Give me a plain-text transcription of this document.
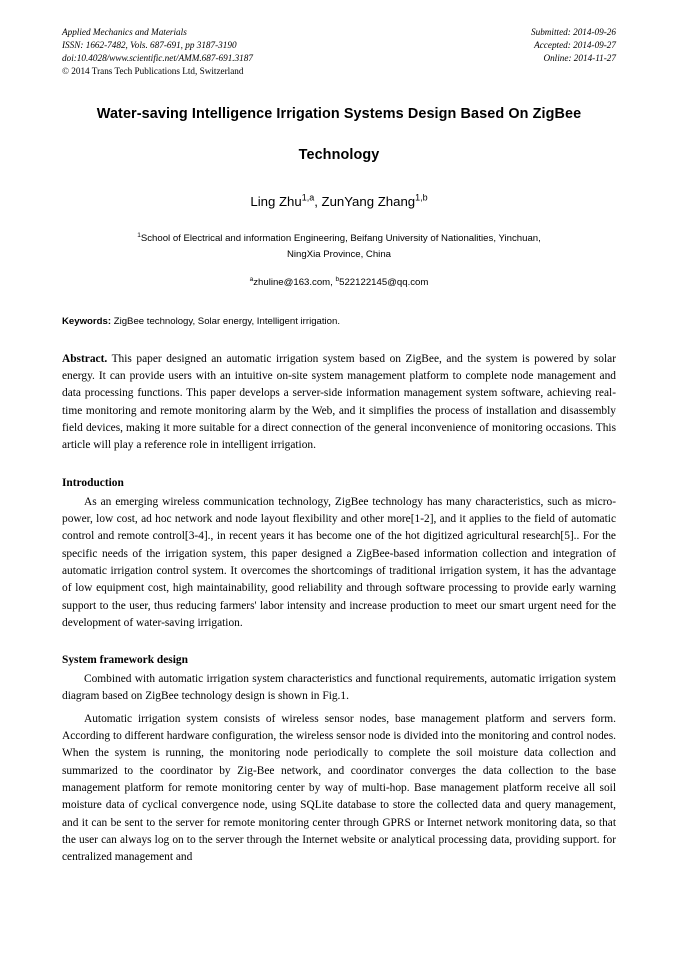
Applied Mechanics and Materials
ISSN: 1662-7482, Vols. 687-691, pp 3187-3190
doi:10.4028/www.scientific.net/AMM.687-691.3187
© 2014 Trans Tech Publications Ltd, Switzerland
Submitted: 2014-09-26
Accepted: 2014-09-27
Online: 2014-11-27
Water-saving Intelligence Irrigation Systems Design Based On ZigBee
Technology
Ling Zhu$^{1,a}$, ZunYang Zhang$^{1,b}$
$^1$School of Electrical and information Engineering, Beifang University of Nationalities, Yinchuan,
NingXia Province, China
$^a$zhuline@163.com, $^b$522122145@qq.com
Keywords: ZigBee technology, Solar energy, Intelligent irrigation.
Abstract. This paper designed an automatic irrigation system based on ZigBee, and the system is powered by solar energy. It can provide users with an intuitive on-site system management platform to complete node management and data processing functions. This paper develops a server-side information management system software, achieving real-time monitoring and remote monitoring alarm by the Web, and it simplifies the process of installation and disassembly field devices, making it more suitable for a direct connection of the general inconvenience of monitoring occasions. This article will play a reference role in intelligent irrigation.
Introduction

As an emerging wireless communication technology, ZigBee technology has many characteristics, such as micro-power, low cost, ad hoc network and node layout flexibility and other more[1-2], and it applies to the field of automatic control and remote control[3-4]., in recent years it has become one of the hot digitized agricultural research[5].. For the specific needs of the irrigation system, this paper designed a ZigBee-based information collection and integration of automatic irrigation control system. It overcomes the shortcomings of traditional irrigation system, it has the advantage of low equipment cost, high maintainability, good reliability and through software processing to provide early warning support to the user, thus reducing farmers' labor intensity and increase production to meet our smart urgent need for the development of water-saving irrigation.

System framework design

Combined with automatic irrigation system characteristics and functional requirements, automatic irrigation system diagram based on ZigBee technology design is shown in Fig.1.

Automatic irrigation system consists of wireless sensor nodes, base management platform and servers form. According to different hardware configuration, the wireless sensor node is divided into the monitoring and control nodes. When the system is running, the monitoring node periodically to complete the soil moisture data collection and summarized to the coordinator by Zig-Bee network, and coordinator converges the data collection to the base management platform for remote monitoring center by way of multi-hop. Base management platform receive all soil moisture data of cyclical convergence node, using SQLite database to store the collected data and query management, and it can be sent to the server for remote monitoring center through GPRS or Internet network monitoring data, so that the user can always log on to the server through the Internet website or analytical processing data, providing support. for centralized management and
